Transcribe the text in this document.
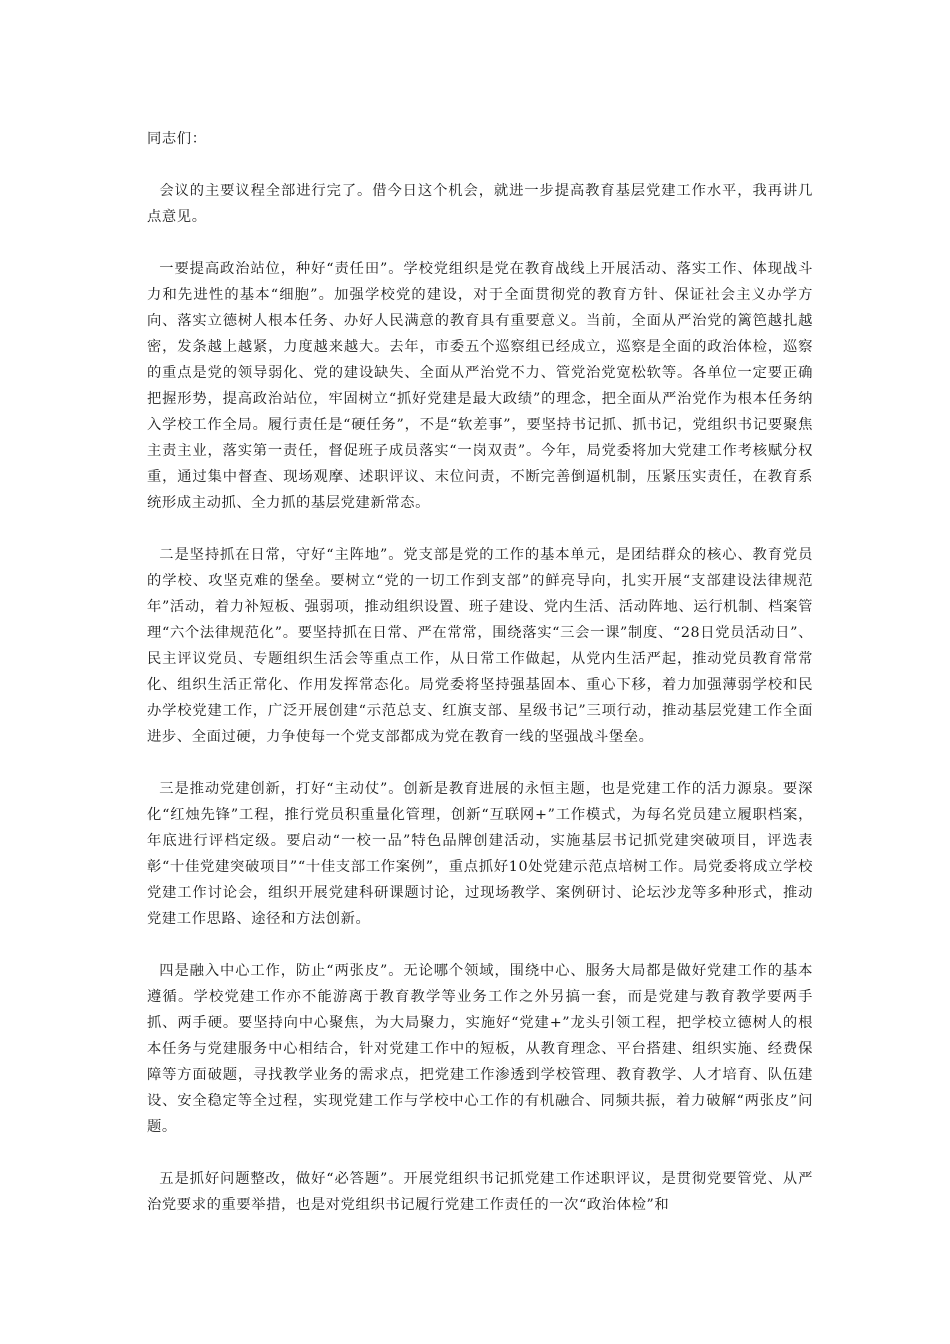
同志们：

会议的主要议程全部进行完了。借今日这个机会，就进一步提高教育基层党建工作水平，我再讲几点意见。

一要提高政治站位，种好“责任田”。学校党组织是党在教育战线上开展活动、落实工作、体现战斗力和先进性的基本“细胞”。加强学校党的建设，对于全面贯彻党的教育方针、保证社会主义办学方向、落实立德树人根本任务、办好人民满意的教育具有重要意义。当前，全面从严治党的篱笆越扎越密，发条越上越紧，力度越来越大。去年，市委五个巡察组已经成立，巡察是全面的政治体检，巡察的重点是党的领导弱化、党的建设缺失、全面从严治党不力、管党治党宽松软等。各单位一定要正确把握形势，提高政治站位，牢固树立“抓好党建是最大政绩”的理念，把全面从严治党作为根本任务纳入学校工作全局。履行责任是“硬任务”，不是“软差事”，要坚持书记抓、抓书记，党组织书记要聚焦主责主业，落实第一责任，督促班子成员落实“一岗双责”。今年，局党委将加大党建工作考核赋分权重，通过集中督查、现场观摩、述职评议、末位问责，不断完善倒逼机制，压紧压实责任，在教育系统形成主动抓、全力抓的基层党建新常态。

二是坚持抓在日常，守好“主阵地”。党支部是党的工作的基本单元，是团结群众的核心、教育党员的学校、攻坚克难的堡垒。要树立“党的一切工作到支部”的鲜亮导向，扎实开展“支部建设法律规范年”活动，着力补短板、强弱项，推动组织设置、班子建设、党内生活、活动阵地、运行机制、档案管理“六个法律规范化”。要坚持抓在日常、严在常常，围绕落实“三会一课”制度、“28日党员活动日”、民主评议党员、专题组织生活会等重点工作，从日常工作做起，从党内生活严起，推动党员教育常常化、组织生活正常化、作用发挥常态化。局党委将坚持强基固本、重心下移，着力加强薄弱学校和民办学校党建工作，广泛开展创建“示范总支、红旗支部、星级书记”三项行动，推动基层党建工作全面进步、全面过硬，力争使每一个党支部都成为党在教育一线的坚强战斗堡垒。

三是推动党建创新，打好“主动仗”。创新是教育进展的永恒主题，也是党建工作的活力源泉。要深化“红烛先锋”工程，推行党员积重量化管理，创新“互联网+”工作模式，为每名党员建立履职档案，年底进行评档定级。要启动“一校一品”特色品牌创建活动，实施基层书记抓党建突破项目，评选表彰“十佳党建突破项目”“十佳支部工作案例”，重点抓好10处党建示范点培树工作。局党委将成立学校党建工作讨论会，组织开展党建科研课题讨论，过现场教学、案例研讨、论坛沙龙等多种形式，推动党建工作思路、途径和方法创新。

四是融入中心工作，防止“两张皮”。无论哪个领域，围绕中心、服务大局都是做好党建工作的基本遵循。学校党建工作亦不能游离于教育教学等业务工作之外另搞一套，而是党建与教育教学要两手抓、两手硬。要坚持向中心聚焦，为大局聚力，实施好“党建+”龙头引领工程，把学校立德树人的根本任务与党建服务中心相结合，针对党建工作中的短板，从教育理念、平台搭建、组织实施、经费保障等方面破题，寻找教学业务的需求点，把党建工作渗透到学校管理、教育教学、人才培育、队伍建设、安全稳定等全过程，实现党建工作与学校中心工作的有机融合、同频共振，着力破解“两张皮”问题。

五是抓好问题整改，做好“必答题”。开展党组织书记抓党建工作述职评议，是贯彻党要管党、从严治党要求的重要举措，也是对党组织书记履行党建工作责任的一次“政治体检”和
